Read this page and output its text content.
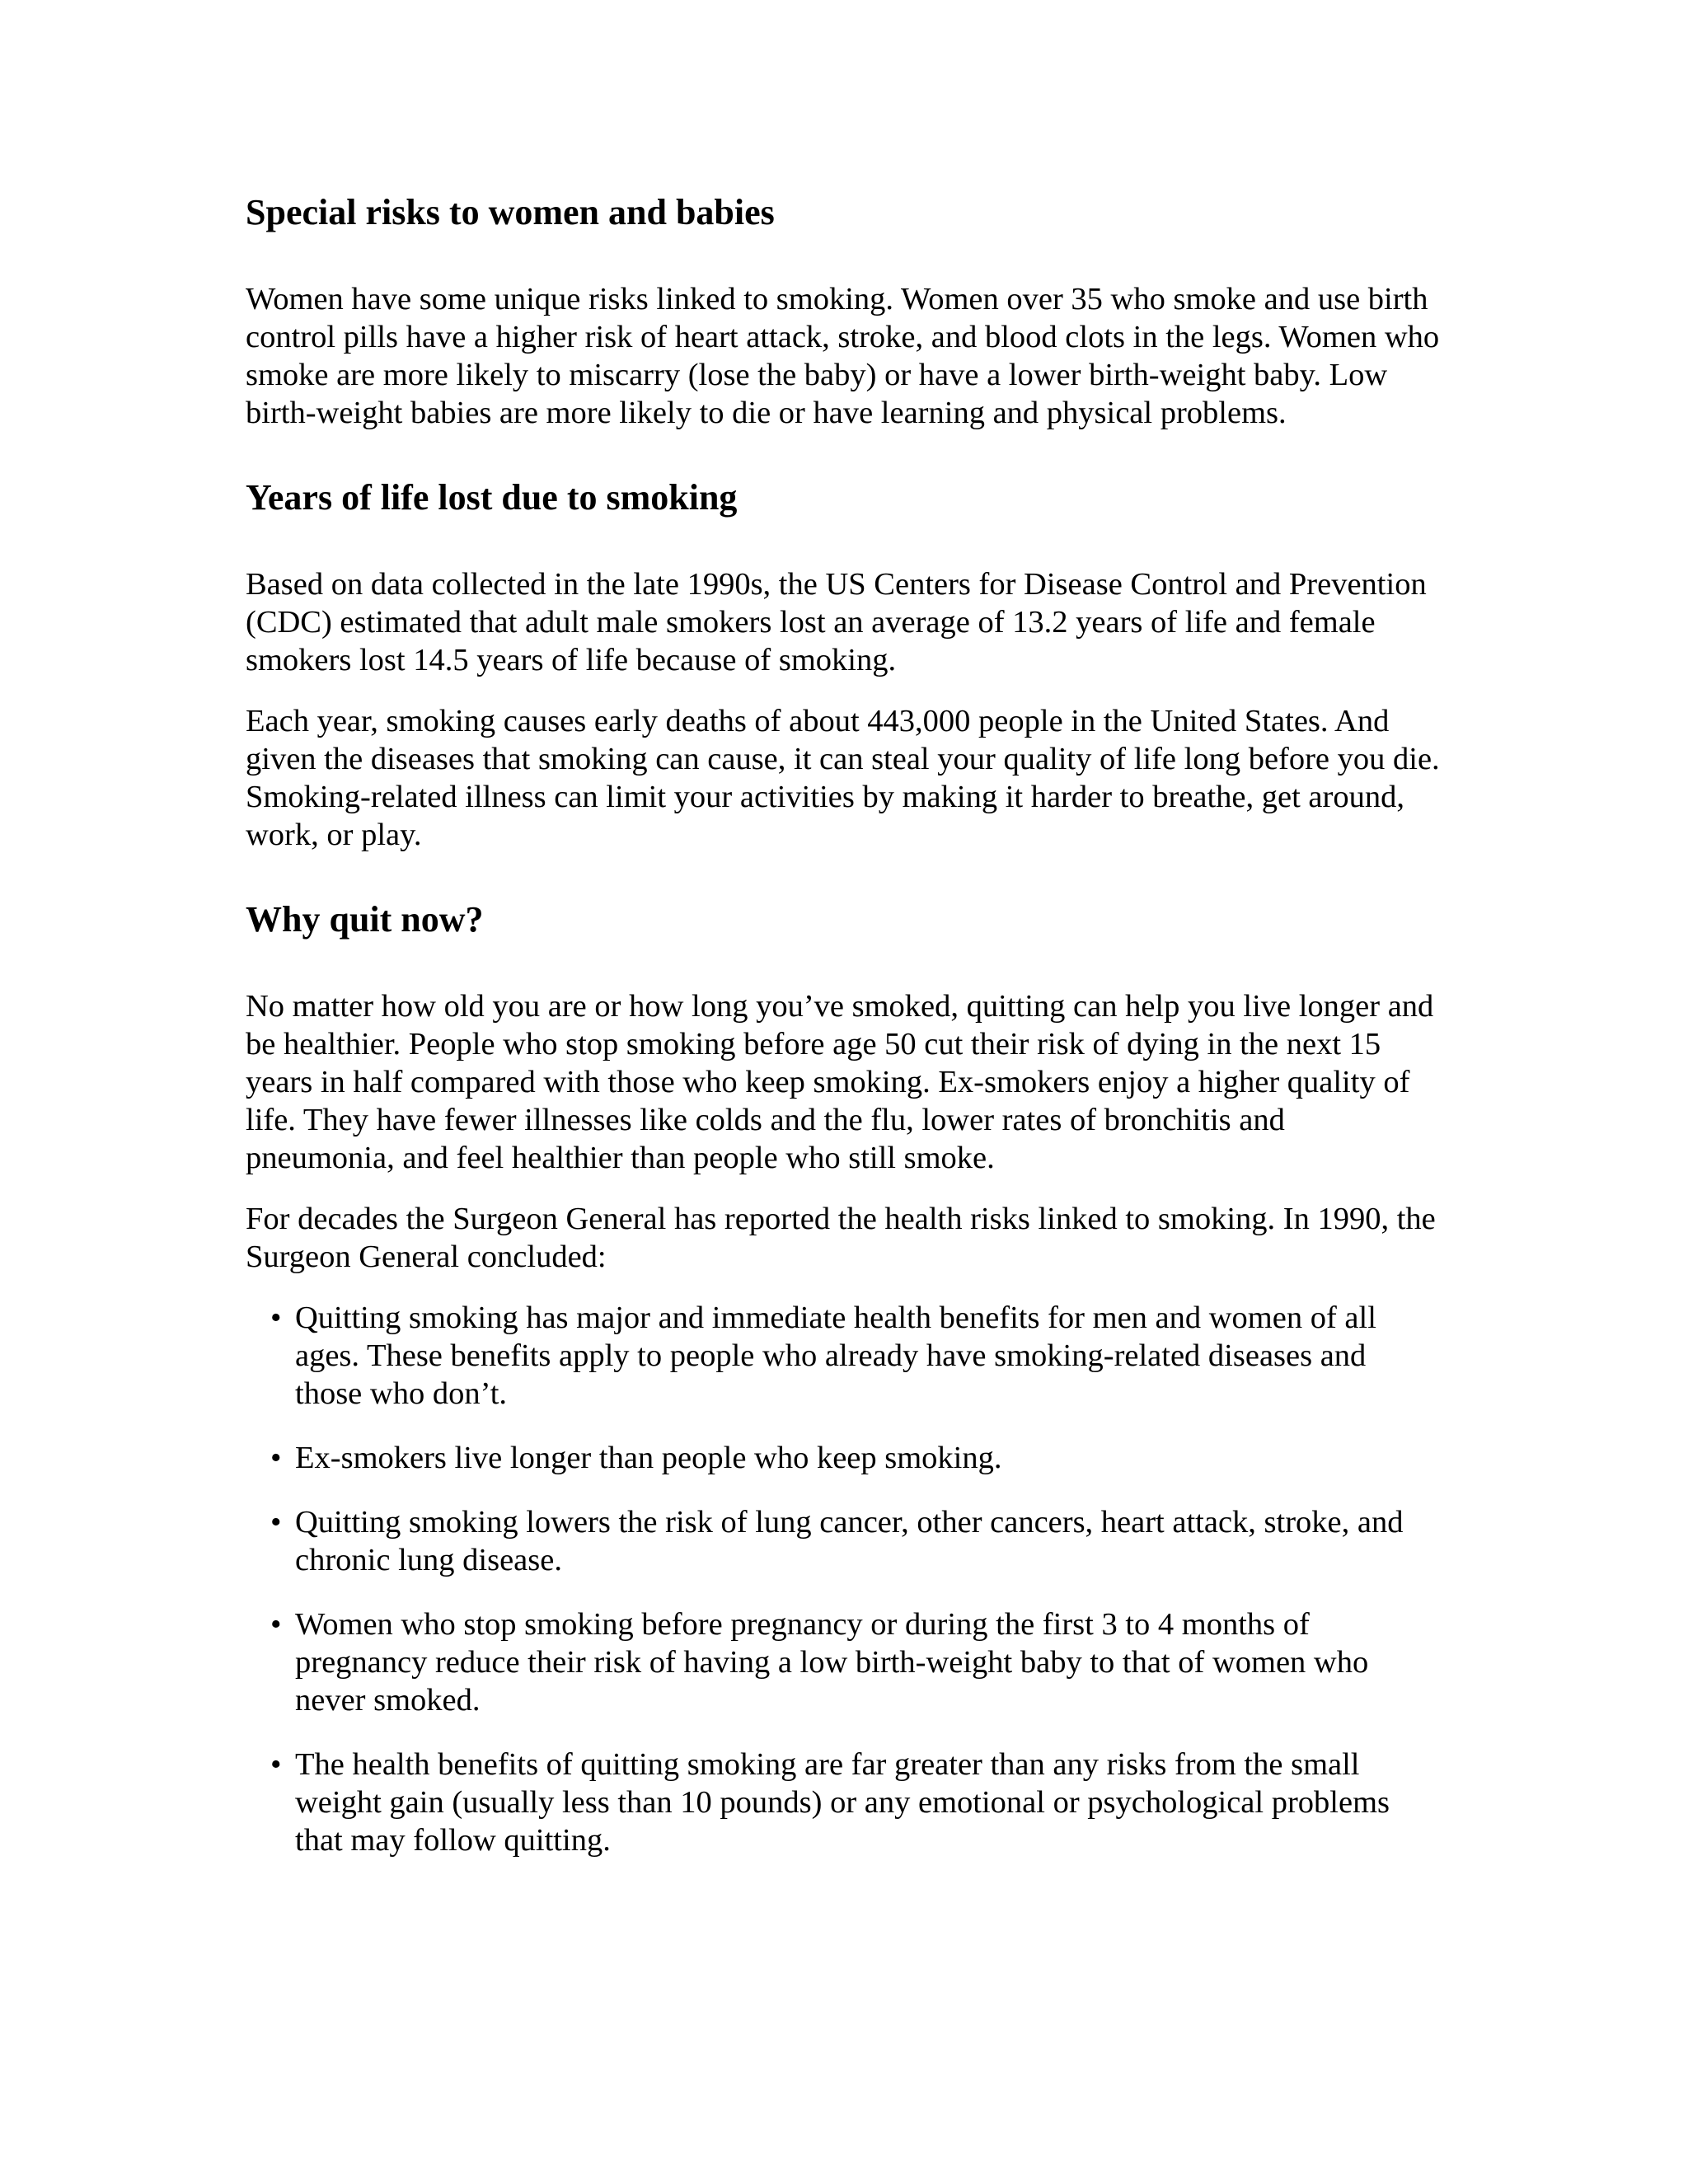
Special risks to women and babies

Women have some unique risks linked to smoking. Women over 35 who smoke and use birth control pills have a higher risk of heart attack, stroke, and blood clots in the legs. Women who smoke are more likely to miscarry (lose the baby) or have a lower birth-weight baby. Low birth-weight babies are more likely to die or have learning and physical problems.

Years of life lost due to smoking

Based on data collected in the late 1990s, the US Centers for Disease Control and Prevention (CDC) estimated that adult male smokers lost an average of 13.2 years of life and female smokers lost 14.5 years of life because of smoking.

Each year, smoking causes early deaths of about 443,000 people in the United States. And given the diseases that smoking can cause, it can steal your quality of life long before you die. Smoking-related illness can limit your activities by making it harder to breathe, get around, work, or play.

Why quit now?

No matter how old you are or how long you’ve smoked, quitting can help you live longer and be healthier. People who stop smoking before age 50 cut their risk of dying in the next 15 years in half compared with those who keep smoking. Ex-smokers enjoy a higher quality of life. They have fewer illnesses like colds and the flu, lower rates of bronchitis and pneumonia, and feel healthier than people who still smoke.

For decades the Surgeon General has reported the health risks linked to smoking. In 1990, the Surgeon General concluded:

• Quitting smoking has major and immediate health benefits for men and women of all ages. These benefits apply to people who already have smoking-related diseases and those who don’t.
• Ex-smokers live longer than people who keep smoking.
• Quitting smoking lowers the risk of lung cancer, other cancers, heart attack, stroke, and chronic lung disease.
• Women who stop smoking before pregnancy or during the first 3 to 4 months of pregnancy reduce their risk of having a low birth-weight baby to that of women who never smoked.
• The health benefits of quitting smoking are far greater than any risks from the small weight gain (usually less than 10 pounds) or any emotional or psychological problems that may follow quitting.
